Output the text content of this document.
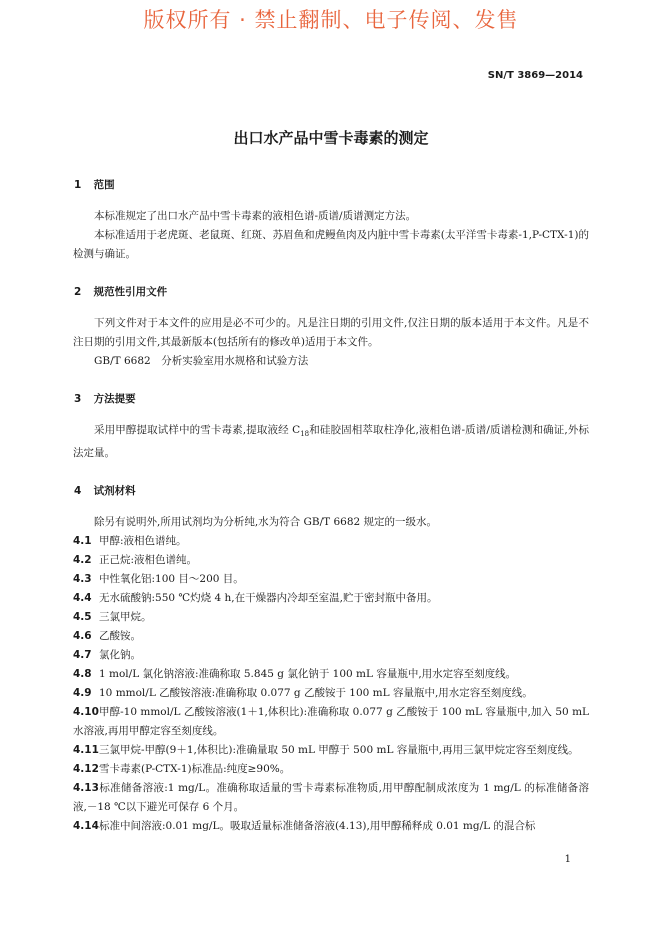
版权所有 · 禁止翻制、电子传阅、发售
SN/T 3869—2014
出口水产品中雪卡毒素的测定
1 范围

本标准规定了出口水产品中雪卡毒素的液相色谱-质谱/质谱测定方法。

本标准适用于老虎斑、老鼠斑、红斑、苏眉鱼和虎鳗鱼肉及内脏中雪卡毒素(太平洋雪卡毒素-1,P-CTX-1)的检测与确证。

2 规范性引用文件

下列文件对于本文件的应用是必不可少的。凡是注日期的引用文件,仅注日期的版本适用于本文件。凡是不注日期的引用文件,其最新版本(包括所有的修改单)适用于本文件。

GB/T 6682　分析实验室用水规格和试验方法

3 方法提要

采用甲醇提取试样中的雪卡毒素,提取液经 $C_{18}$和硅胶固相萃取柱净化,液相色谱-质谱/质谱检测和确证,外标法定量。

4 试剂材料

除另有说明外,所用试剂均为分析纯,水为符合 GB/T 6682 规定的一级水。

4.1 甲醇:液相色谱纯。

4.2 正己烷:液相色谱纯。

4.3 中性氧化铝:100 目～200 目。

4.4 无水硫酸钠:550 ℃灼烧 4 h,在干燥器内冷却至室温,贮于密封瓶中备用。

4.5 三氯甲烷。

4.6 乙酸铵。

4.7 氯化钠。

4.8 1 mol/L 氯化钠溶液:准确称取 5.845 g 氯化钠于 100 mL 容量瓶中,用水定容至刻度线。

4.9 10 mmol/L 乙酸铵溶液:准确称取 0.077 g 乙酸铵于 100 mL 容量瓶中,用水定容至刻度线。

4.10甲醇-10 mmol/L 乙酸铵溶液(1＋1,体积比):准确称取 0.077 g 乙酸铵于 100 mL 容量瓶中,加入 50 mL 水溶液,再用甲醇定容至刻度线。

4.11三氯甲烷-甲醇(9＋1,体积比):准确量取 50 mL 甲醇于 500 mL 容量瓶中,再用三氯甲烷定容至刻度线。

4.12雪卡毒素(P-CTX-1)标准品:纯度≥90%。

4.13标准储备溶液:1 mg/L。准确称取适量的雪卡毒素标准物质,用甲醇配制成浓度为 1 mg/L 的标准储备溶液,－18 ℃以下避光可保存 6 个月。

4.14标准中间溶液:0.01 mg/L。吸取适量标准储备溶液(4.13),用甲醇稀释成 0.01 mg/L 的混合标

1
